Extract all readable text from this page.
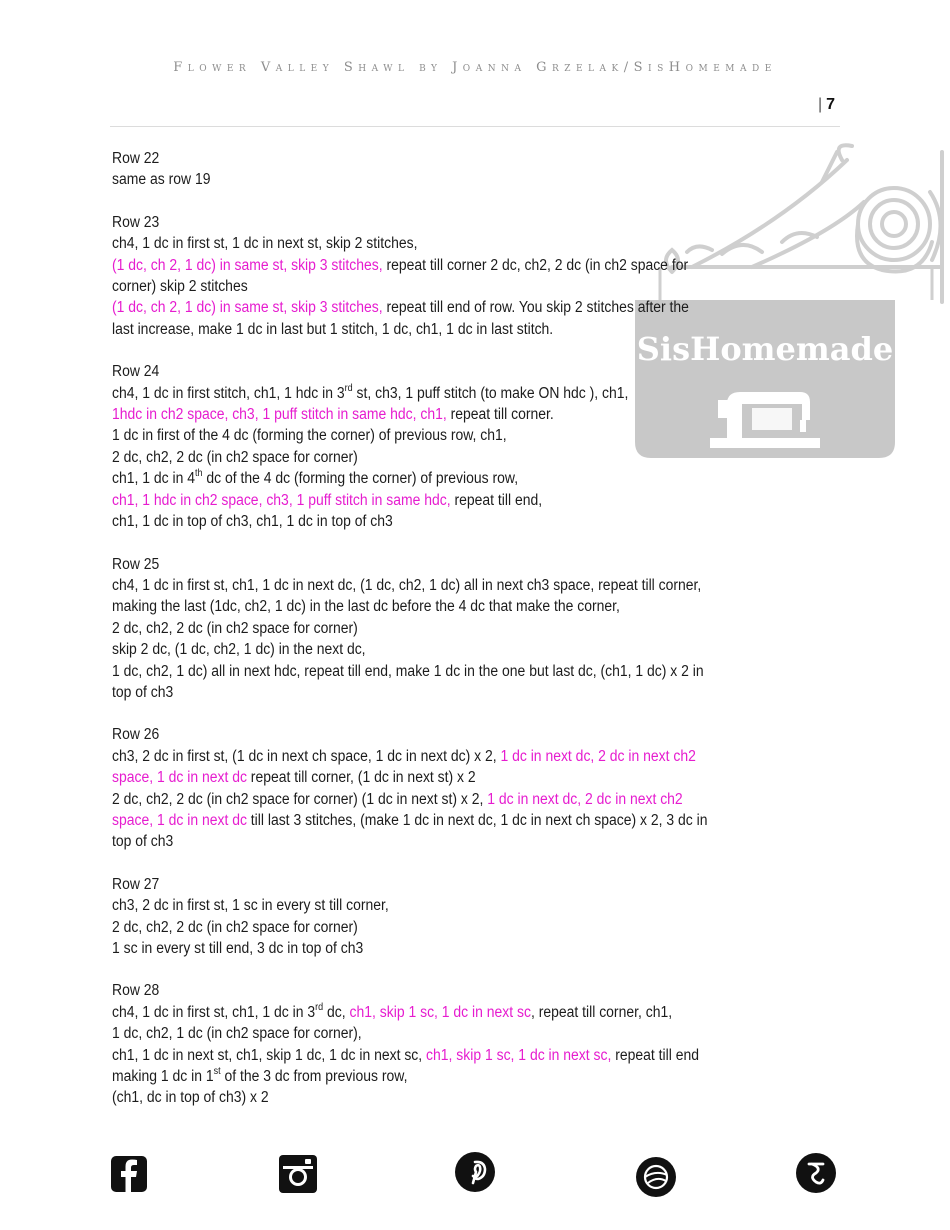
Flower Valley Shawl by Joanna Grzelak/SisHomemade
| 7
SisHomemade
Row 22
same as row 19
Row 23
ch4, 1 dc in first st, 1 dc in next st, skip 2 stitches,
(1 dc, ch 2, 1 dc) in same st, skip 3 stitches, repeat till corner 2 dc, ch2, 2 dc (in ch2 space for
corner) skip 2 stitches
(1 dc, ch 2, 1 dc) in same st, skip 3 stitches, repeat till end of row. You skip 2 stitches after the
last increase, make 1 dc in last but 1 stitch, 1 dc, ch1, 1 dc in last stitch.
Row 24
ch4, 1 dc in first stitch, ch1, 1 hdc in 3rd st, ch3, 1 puff stitch (to make ON hdc ), ch1,
1hdc in ch2 space, ch3, 1 puff stitch in same hdc, ch1, repeat till corner.
1 dc in first of the 4 dc (forming the corner) of previous row, ch1,
2 dc, ch2, 2 dc (in ch2 space for corner)
ch1, 1 dc in 4th dc of the 4 dc (forming the corner) of previous row,
ch1, 1 hdc in ch2 space, ch3, 1 puff stitch in same hdc, repeat till end,
ch1, 1 dc in top of ch3, ch1, 1 dc in top of ch3
Row 25
ch4, 1 dc in first st, ch1, 1 dc in next dc, (1 dc, ch2, 1 dc) all in next ch3 space, repeat till corner,
making the last (1dc, ch2, 1 dc) in the last dc before the 4 dc that make the corner,
2 dc, ch2, 2 dc (in ch2 space for corner)
skip 2 dc, (1 dc, ch2, 1 dc) in the next dc,
1 dc, ch2, 1 dc) all in next hdc, repeat till end, make 1 dc in the one but last dc, (ch1, 1 dc) x 2 in
top of ch3
Row 26
ch3, 2 dc in first st, (1 dc in next ch space, 1 dc in next dc) x 2, 1 dc in next dc, 2 dc in next ch2
space, 1 dc in next dc repeat till corner, (1 dc in next st) x 2
2 dc, ch2, 2 dc (in ch2 space for corner) (1 dc in next st) x 2, 1 dc in next dc, 2 dc in next ch2
space, 1 dc in next dc till last 3 stitches, (make 1 dc in next dc, 1 dc in next ch space) x 2, 3 dc in
top of ch3
Row 27
ch3, 2 dc in first st, 1 sc in every st till corner,
2 dc, ch2, 2 dc (in ch2 space for corner)
1 sc in every st till end, 3 dc in top of ch3
Row 28
ch4, 1 dc in first st, ch1, 1 dc in 3rd dc, ch1, skip 1 sc, 1 dc in next sc, repeat till corner, ch1,
1 dc, ch2, 1 dc (in ch2 space for corner),
ch1, 1 dc in next st, ch1, skip 1 dc, 1 dc in next sc, ch1, skip 1 sc, 1 dc in next sc, repeat till end
making 1 dc in 1st of the 3 dc from previous row,
(ch1, dc in top of ch3) x 2
